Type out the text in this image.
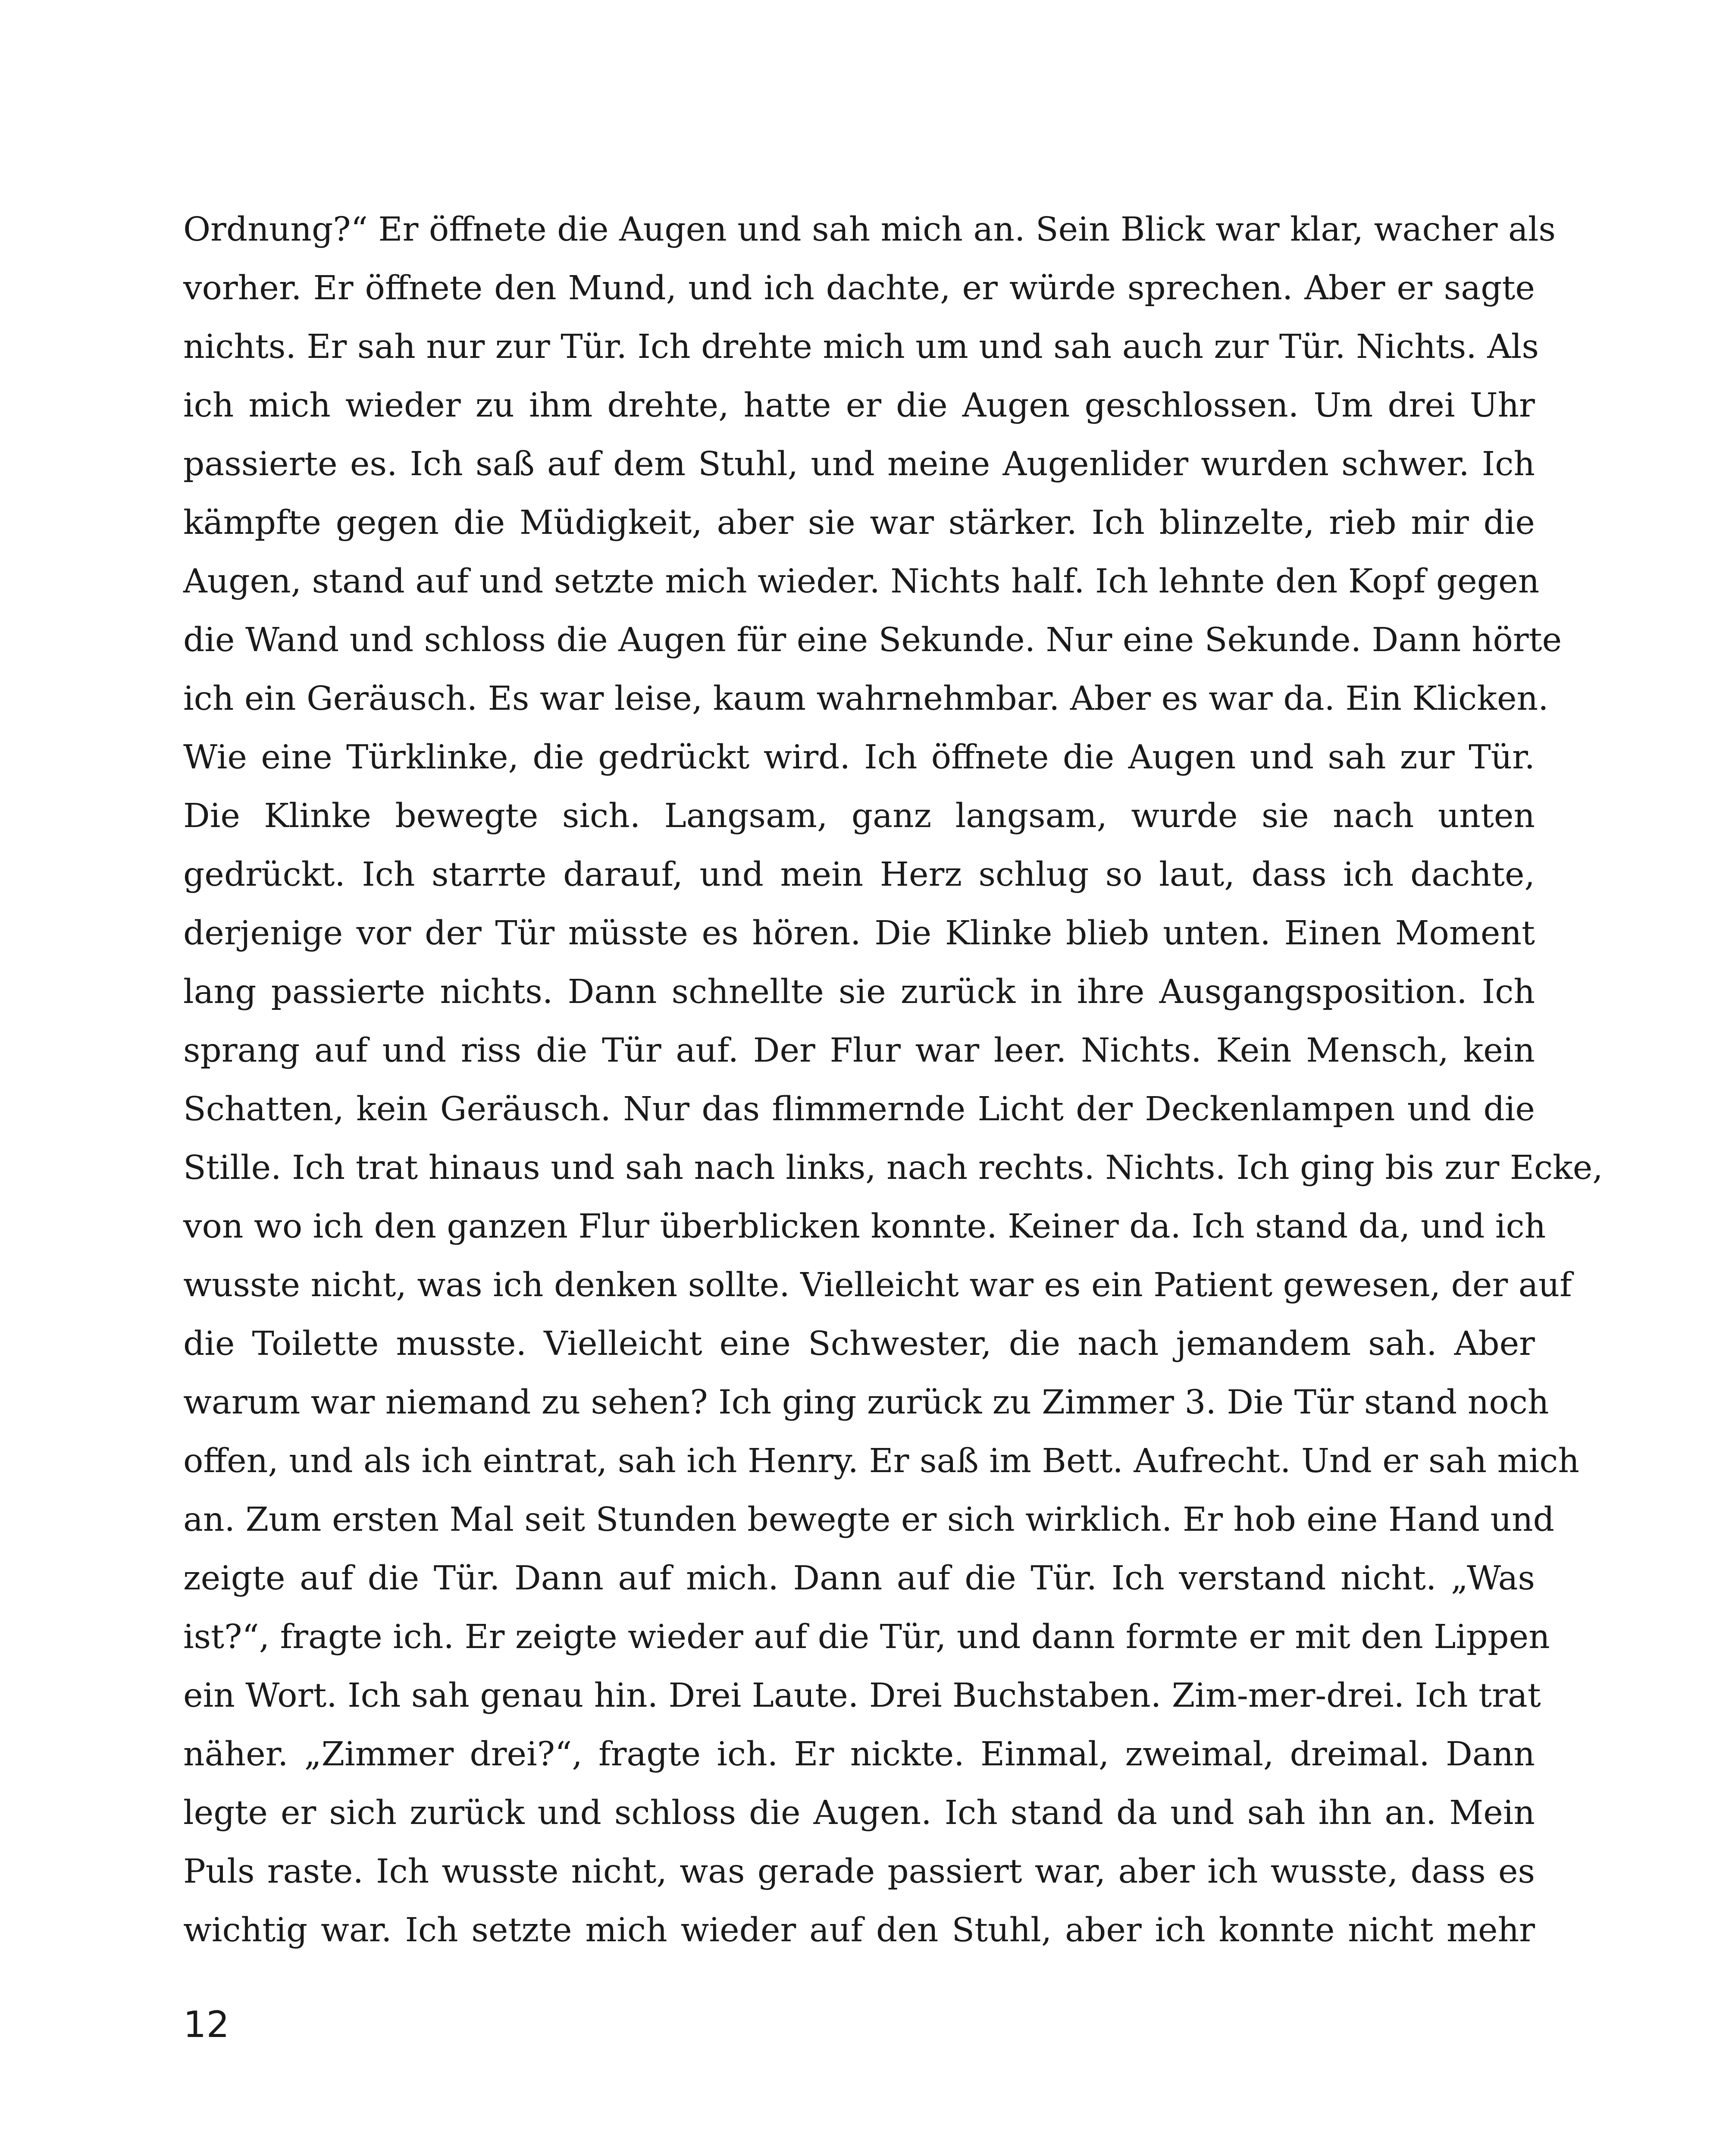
Ordnung?“ Er öffnete die Augen und sah mich an. Sein Blick war klar, wacher als
vorher. Er öffnete den Mund, und ich dachte, er würde sprechen. Aber er sagte
nichts. Er sah nur zur Tür. Ich drehte mich um und sah auch zur Tür. Nichts. Als
ich mich wieder zu ihm drehte, hatte er die Augen geschlossen. Um drei Uhr
passierte es. Ich saß auf dem Stuhl, und meine Augenlider wurden schwer. Ich
kämpfte gegen die Müdigkeit, aber sie war stärker. Ich blinzelte, rieb mir die
Augen, stand auf und setzte mich wieder. Nichts half. Ich lehnte den Kopf gegen
die Wand und schloss die Augen für eine Sekunde. Nur eine Sekunde. Dann hörte
ich ein Geräusch. Es war leise, kaum wahrnehmbar. Aber es war da. Ein Klicken.
Wie eine Türklinke, die gedrückt wird. Ich öffnete die Augen und sah zur Tür.
Die Klinke bewegte sich. Langsam, ganz langsam, wurde sie nach unten
gedrückt. Ich starrte darauf, und mein Herz schlug so laut, dass ich dachte,
derjenige vor der Tür müsste es hören. Die Klinke blieb unten. Einen Moment
lang passierte nichts. Dann schnellte sie zurück in ihre Ausgangsposition. Ich
sprang auf und riss die Tür auf. Der Flur war leer. Nichts. Kein Mensch, kein
Schatten, kein Geräusch. Nur das flimmernde Licht der Deckenlampen und die
Stille. Ich trat hinaus und sah nach links, nach rechts. Nichts. Ich ging bis zur Ecke,
von wo ich den ganzen Flur überblicken konnte. Keiner da. Ich stand da, und ich
wusste nicht, was ich denken sollte. Vielleicht war es ein Patient gewesen, der auf
die Toilette musste. Vielleicht eine Schwester, die nach jemandem sah. Aber
warum war niemand zu sehen? Ich ging zurück zu Zimmer 3. Die Tür stand noch
offen, und als ich eintrat, sah ich Henry. Er saß im Bett. Aufrecht. Und er sah mich
an. Zum ersten Mal seit Stunden bewegte er sich wirklich. Er hob eine Hand und
zeigte auf die Tür. Dann auf mich. Dann auf die Tür. Ich verstand nicht. „Was
ist?“, fragte ich. Er zeigte wieder auf die Tür, und dann formte er mit den Lippen
ein Wort. Ich sah genau hin. Drei Laute. Drei Buchstaben. Zim-mer-drei. Ich trat
näher. „Zimmer drei?“, fragte ich. Er nickte. Einmal, zweimal, dreimal. Dann
legte er sich zurück und schloss die Augen. Ich stand da und sah ihn an. Mein
Puls raste. Ich wusste nicht, was gerade passiert war, aber ich wusste, dass es
wichtig war. Ich setzte mich wieder auf den Stuhl, aber ich konnte nicht mehr

12
